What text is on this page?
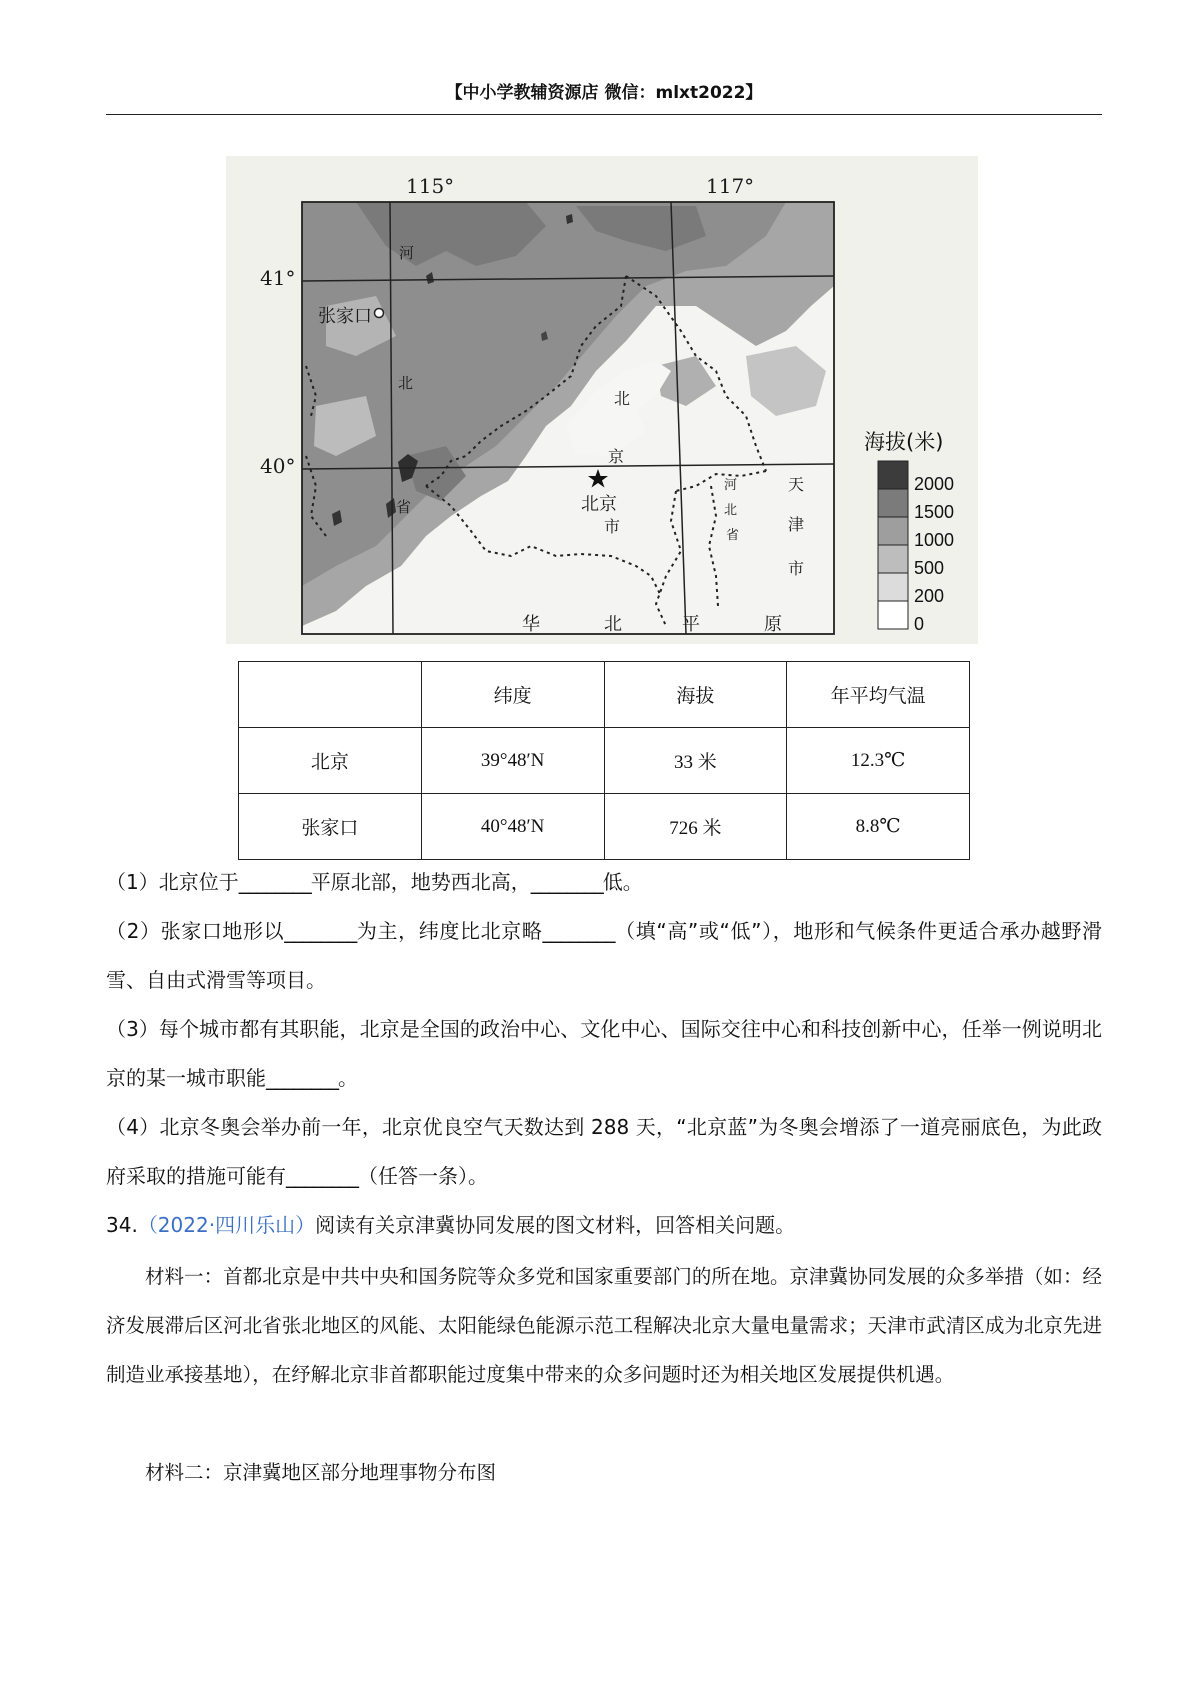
【中小学教辅资源店 微信：mlxt2022】
115°	117°
41°
40°
张家口
北京
河
北
省
北
京
市
华	北	平	原
河
北
省
天
津
市
海拔(米)
2000
1500
1000
500
200
0
	纬度	海拔	年平均气温
北京	39°48′N	33 米	12.3℃
张家口	40°48′N	726 米	8.8℃
（1）北京位于________平原北部，地势西北高，________低。
（2）张家口地形以________为主，纬度比北京略________（填“高”或“低”），地形和气候条件更适合承办越野滑雪、自由式滑雪等项目。
（3）每个城市都有其职能，北京是全国的政治中心、文化中心、国际交往中心和科技创新中心，任举一例说明北京的某一城市职能________。
（4）北京冬奥会举办前一年，北京优良空气天数达到 288 天，“北京蓝”为冬奥会增添了一道亮丽底色，为此政府采取的措施可能有________（任答一条）。
34.（2022·四川乐山）阅读有关京津冀协同发展的图文材料，回答相关问题。
材料一：首都北京是中共中央和国务院等众多党和国家重要部门的所在地。京津冀协同发展的众多举措（如：经济发展滞后区河北省张北地区的风能、太阳能绿色能源示范工程解决北京大量电量需求；天津市武清区成为北京先进制造业承接基地），在纾解北京非首都职能过度集中带来的众多问题时还为相关地区发展提供机遇。
材料二：京津冀地区部分地理事物分布图
